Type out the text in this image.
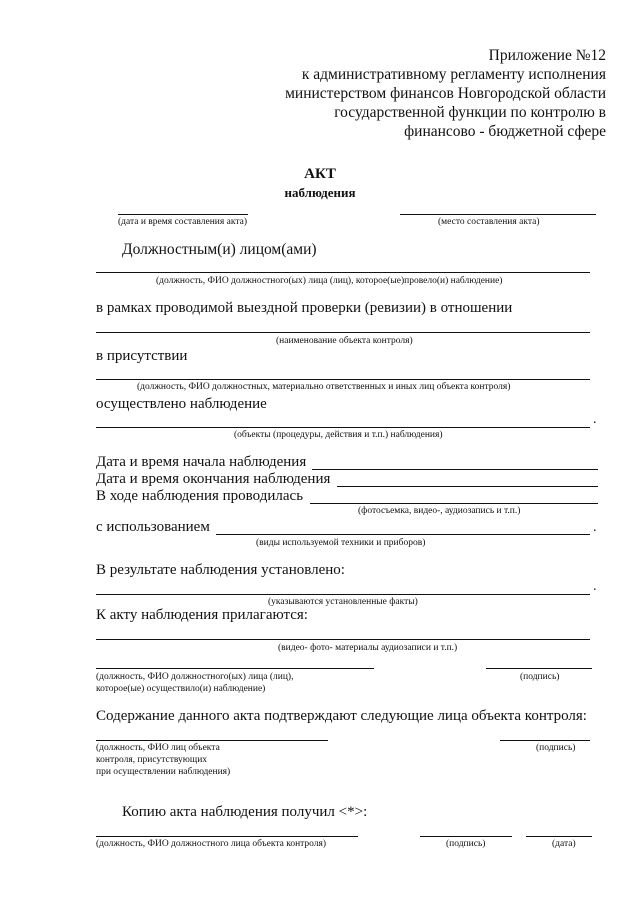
Приложение №12
к административному регламенту исполнения
министерством финансов Новгородской области
государственной функции по контролю в
финансово - бюджетной сфере
АКТ
наблюдения
(дата и время составления акта)	(место составления акта)
Должностным(и) лицом(ами)
(должность, ФИО должностного(ых) лица (лиц), которое(ые)провело(и) наблюдение)
в рамках проводимой выездной проверки (ревизии) в отношении
(наименование объекта контроля)
в присутствии
(должность, ФИО должностных, материально ответственных и иных лиц объекта контроля)
осуществлено наблюдение
.
(объекты (процедуры, действия и т.п.) наблюдения)
Дата и время начала наблюдения
Дата и время окончания наблюдения
В ходе наблюдения проводилась
(фотосъемка, видео-, аудиозапись и т.п.)
с использованием	.
(виды используемой техники и приборов)
В результате наблюдения установлено:
.
(указываются установленные факты)
К акту наблюдения прилагаются:
(видео- фото- материалы аудиозаписи и т.п.)
(должность, ФИО должностного(ых) лица (лиц),
которое(ые) осуществило(и) наблюдение)
(подпись)
Содержание данного акта подтверждают следующие лица объекта контроля:
(должность, ФИО лиц объекта
контроля, присутствующих
при осуществлении наблюдения)
(подпись)
Копию акта наблюдения получил <*>:
(должность, ФИО должностного лица объекта контроля)	(подпись)	(дата)
